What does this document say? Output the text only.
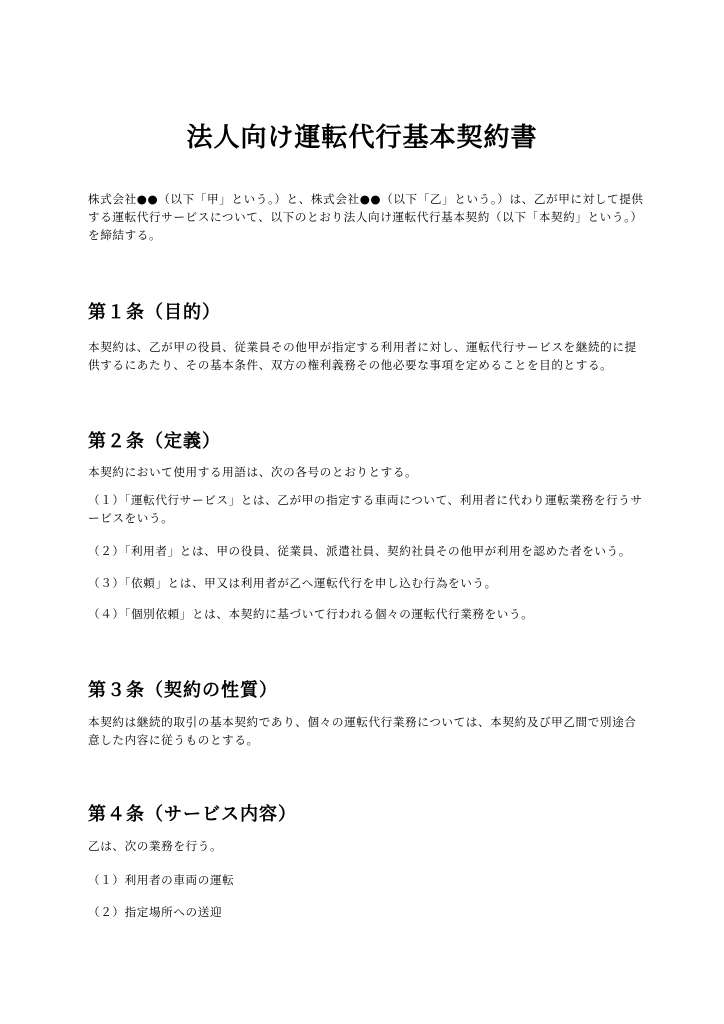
法人向け運転代行基本契約書

株式会社●●（以下「甲」という。）と、株式会社●●（以下「乙」という。）は、乙が甲に対して提供する運転代行サービスについて、以下のとおり法人向け運転代行基本契約（以下「本契約」という。）を締結する。

第１条（目的）

本契約は、乙が甲の役員、従業員その他甲が指定する利用者に対し、運転代行サービスを継続的に提供するにあたり、その基本条件、双方の権利義務その他必要な事項を定めることを目的とする。

第２条（定義）

本契約において使用する用語は、次の各号のとおりとする。

（１）「運転代行サービス」とは、乙が甲の指定する車両について、利用者に代わり運転業務を行うサービスをいう。

（２）「利用者」とは、甲の役員、従業員、派遣社員、契約社員その他甲が利用を認めた者をいう。

（３）「依頼」とは、甲又は利用者が乙へ運転代行を申し込む行為をいう。

（４）「個別依頼」とは、本契約に基づいて行われる個々の運転代行業務をいう。

第３条（契約の性質）

本契約は継続的取引の基本契約であり、個々の運転代行業務については、本契約及び甲乙間で別途合意した内容に従うものとする。

第４条（サービス内容）

乙は、次の業務を行う。

（１）利用者の車両の運転

（２）指定場所への送迎
